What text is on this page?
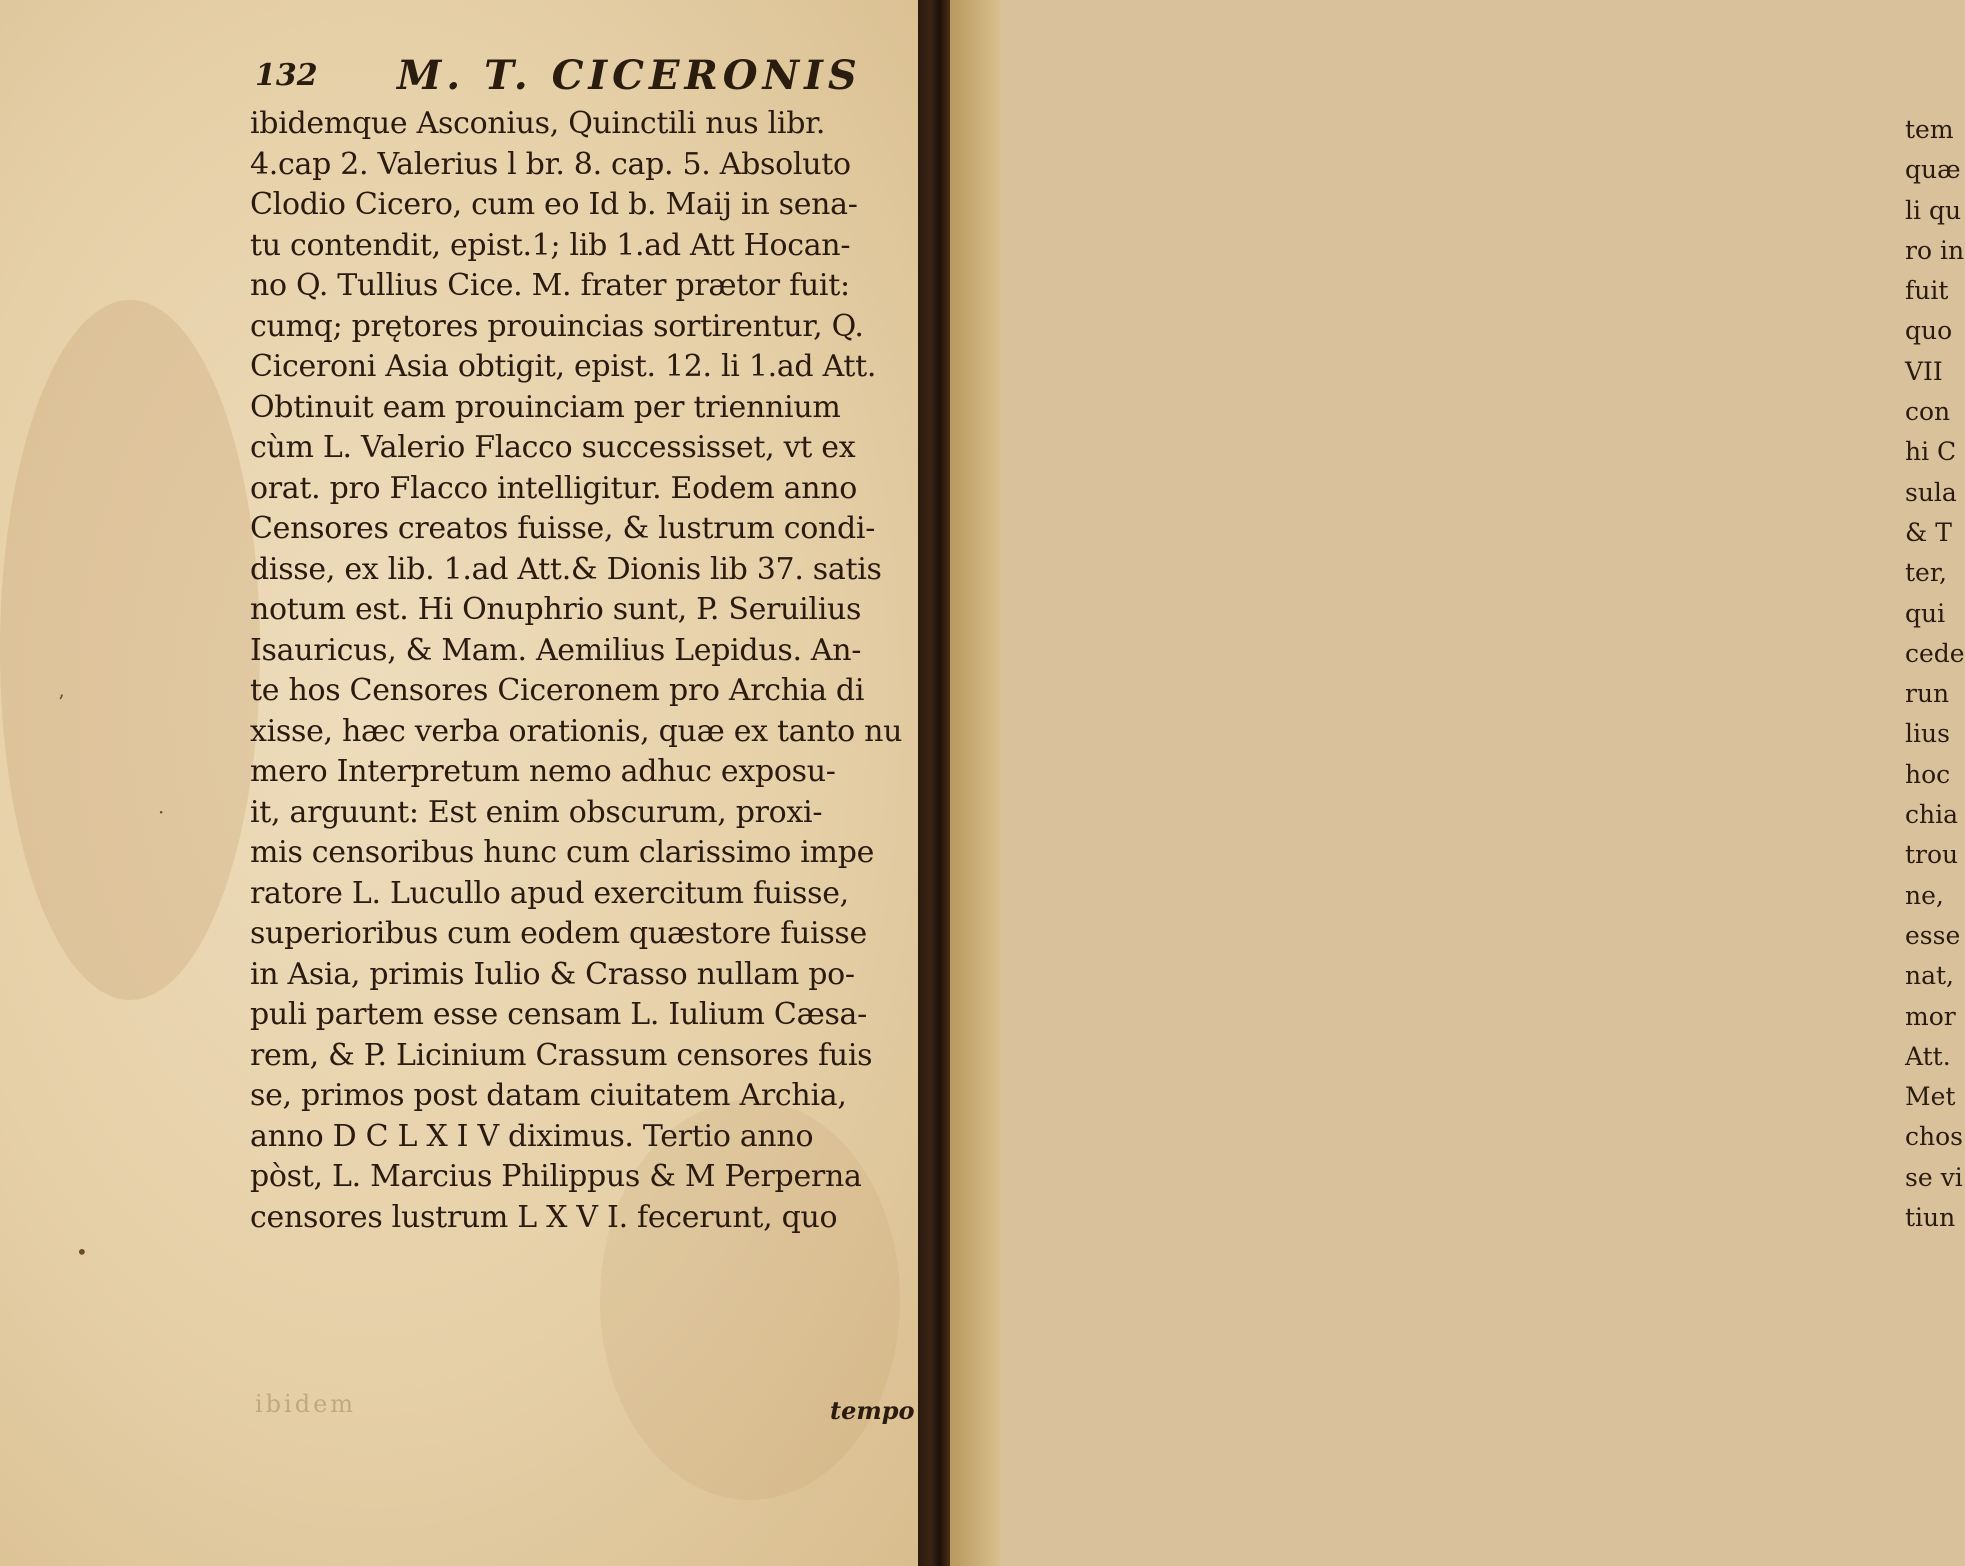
132 M. T. CICERONIS
ibidemque Asconius, Quinctili nus libr.
4.cap 2. Valerius l br. 8. cap. 5. Absoluto
Clodio Cicero, cum eo Id b. Maij in sena-
tu contendit, epist.1; lib 1.ad Att Hocan-
no Q. Tullius Cice. M. frater prætor fuit:
cumq; prętores prouincias sortirentur, Q.
Ciceroni Asia obtigit, epist. 12. li 1.ad Att.
Obtinuit eam prouinciam per triennium
cùm L. Valerio Flacco successisset, vt ex
orat. pro Flacco intelligitur. Eodem anno
Censores creatos fuisse, & lustrum condi-
disse, ex lib. 1.ad Att.& Dionis lib 37. satis
notum est. Hi Onuphrio sunt, P. Seruilius
Isauricus, & Mam. Aemilius Lepidus. An-
te hos Censores Ciceronem pro Archia di
xisse, hæc verba orationis, quæ ex tanto nu
mero Interpretum nemo adhuc exposu-
it, arguunt: Est enim obscurum, proxi-
mis censoribus hunc cum clarissimo impe
ratore L. Lucullo apud exercitum fuisse,
superioribus cum eodem quæstore fuisse
in Asia, primis Iulio & Crasso nullam po-
puli partem esse censam L. Iulium Cæsa-
rem, & P. Licinium Crassum censores fuis
se, primos post datam ciuitatem Archia,
anno D C L X I V diximus. Tertio anno
pòst, L. Marcius Philippus & M Perperna
censores lustrum L X V I. fecerunt, quo
ibidem	tempo
’
·
•
tem
quæ
li qu
ro in
fuit
quo
VII
con
hi C
sula
& T
ter,
qui
cede
run
lius
hoc
chia
trou
ne,
esse
nat,
mor
Att.
Met
chos
se vi
tiun
